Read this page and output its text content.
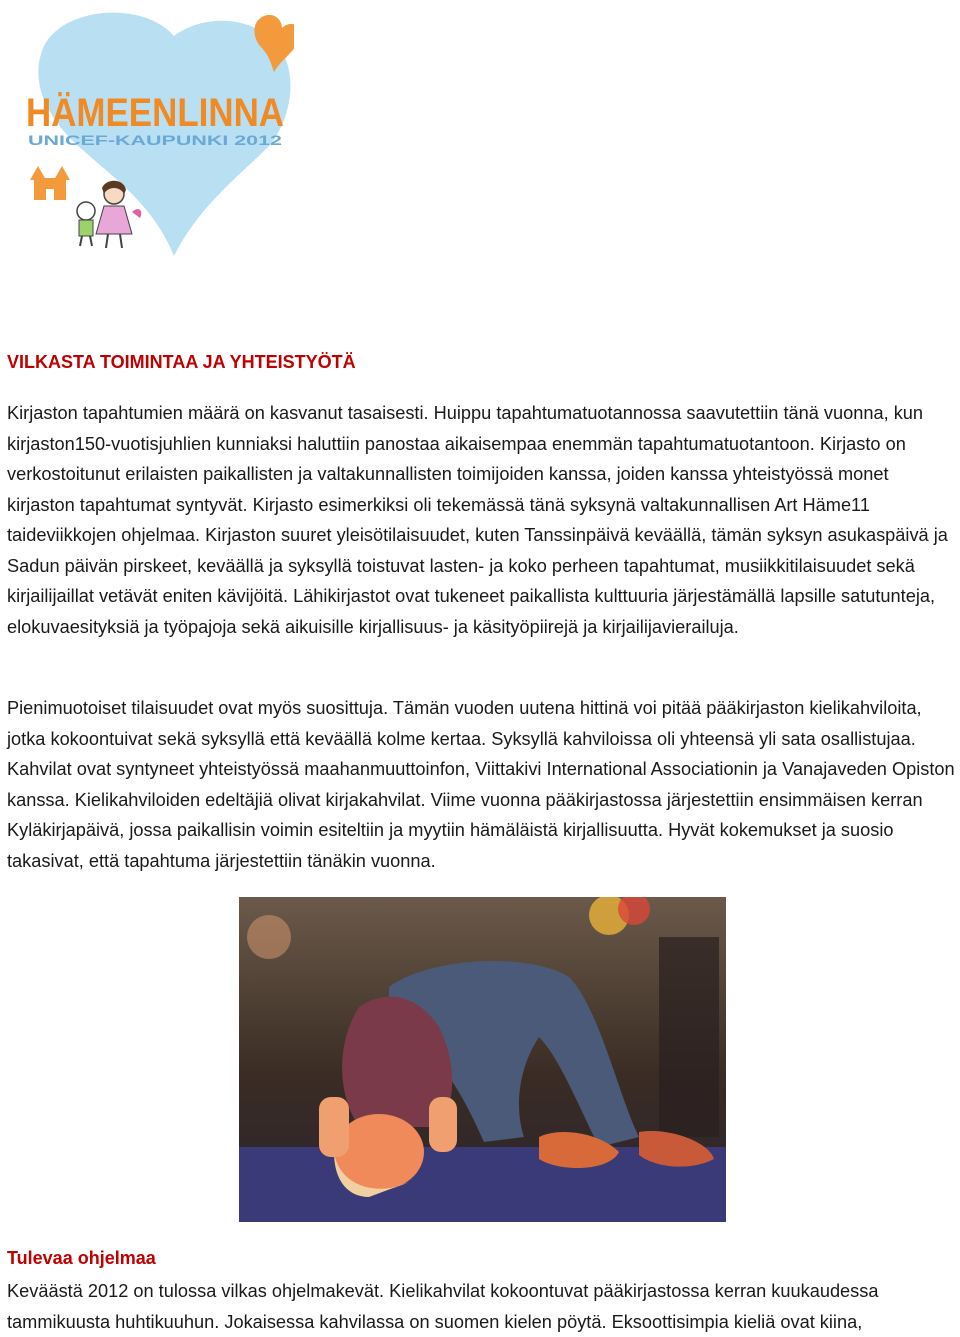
HÄMEENLINNA
UNICEF-KAUPUNKI 2012
VILKASTA TOIMINTAA JA YHTEISTYÖTÄ

Kirjaston tapahtumien määrä on kasvanut tasaisesti. Huippu tapahtumatuotannossa saavutettiin tänä vuonna, kun kirjaston150-vuotisjuhlien kunniaksi haluttiin panostaa aikaisempaa enemmän tapahtumatuotantoon. Kirjasto on verkostoitunut erilaisten paikallisten ja valtakunnallisten toimijoiden kanssa, joiden kanssa yhteistyössä monet kirjaston tapahtumat syntyvät. Kirjasto esimerkiksi oli tekemässä tänä syksynä valtakunnallisen Art Häme11 taideviikkojen ohjelmaa. Kirjaston suuret yleisötilaisuudet, kuten Tanssinpäivä keväällä, tämän syksyn asukaspäivä ja Sadun päivän pirskeet, keväällä ja syksyllä toistuvat lasten- ja koko perheen tapahtumat, musiikkitilaisuudet sekä kirjailijaillat vetävät eniten kävijöitä. Lähikirjastot ovat tukeneet paikallista kulttuuria järjestämällä lapsille satutunteja, elokuvaesityksiä ja työpajoja sekä aikuisille kirjallisuus- ja käsityöpiirejä ja kirjailijavierailuja.

Pienimuotoiset tilaisuudet ovat myös suosittuja. Tämän vuoden uutena hittinä voi pitää pääkirjaston kielikahviloita, jotka kokoontuivat sekä syksyllä että keväällä kolme kertaa. Syksyllä kahviloissa oli yhteensä yli sata osallistujaa. Kahvilat ovat syntyneet yhteistyössä maahanmuuttoinfon, Viittakivi International Associationin ja Vanajaveden Opiston kanssa. Kielikahviloiden edeltäjiä olivat kirjakahvilat. Viime vuonna pääkirjastossa järjestettiin ensimmäisen kerran Kyläkirjapäivä, jossa paikallisin voimin esiteltiin ja myytiin hämäläistä kirjallisuutta. Hyvät kokemukset ja suosio takasivat, että tapahtuma järjestettiin tänäkin vuonna.

Tulevaa ohjelmaa

Keväästä 2012 on tulossa vilkas ohjelmakevät. Kielikahvilat kokoontuvat pääkirjastossa kerran kuukaudessa tammikuusta huhtikuuhun. Jokaisessa kahvilassa on suomen kielen pöytä. Eksoottisimpia kieliä ovat kiina,
